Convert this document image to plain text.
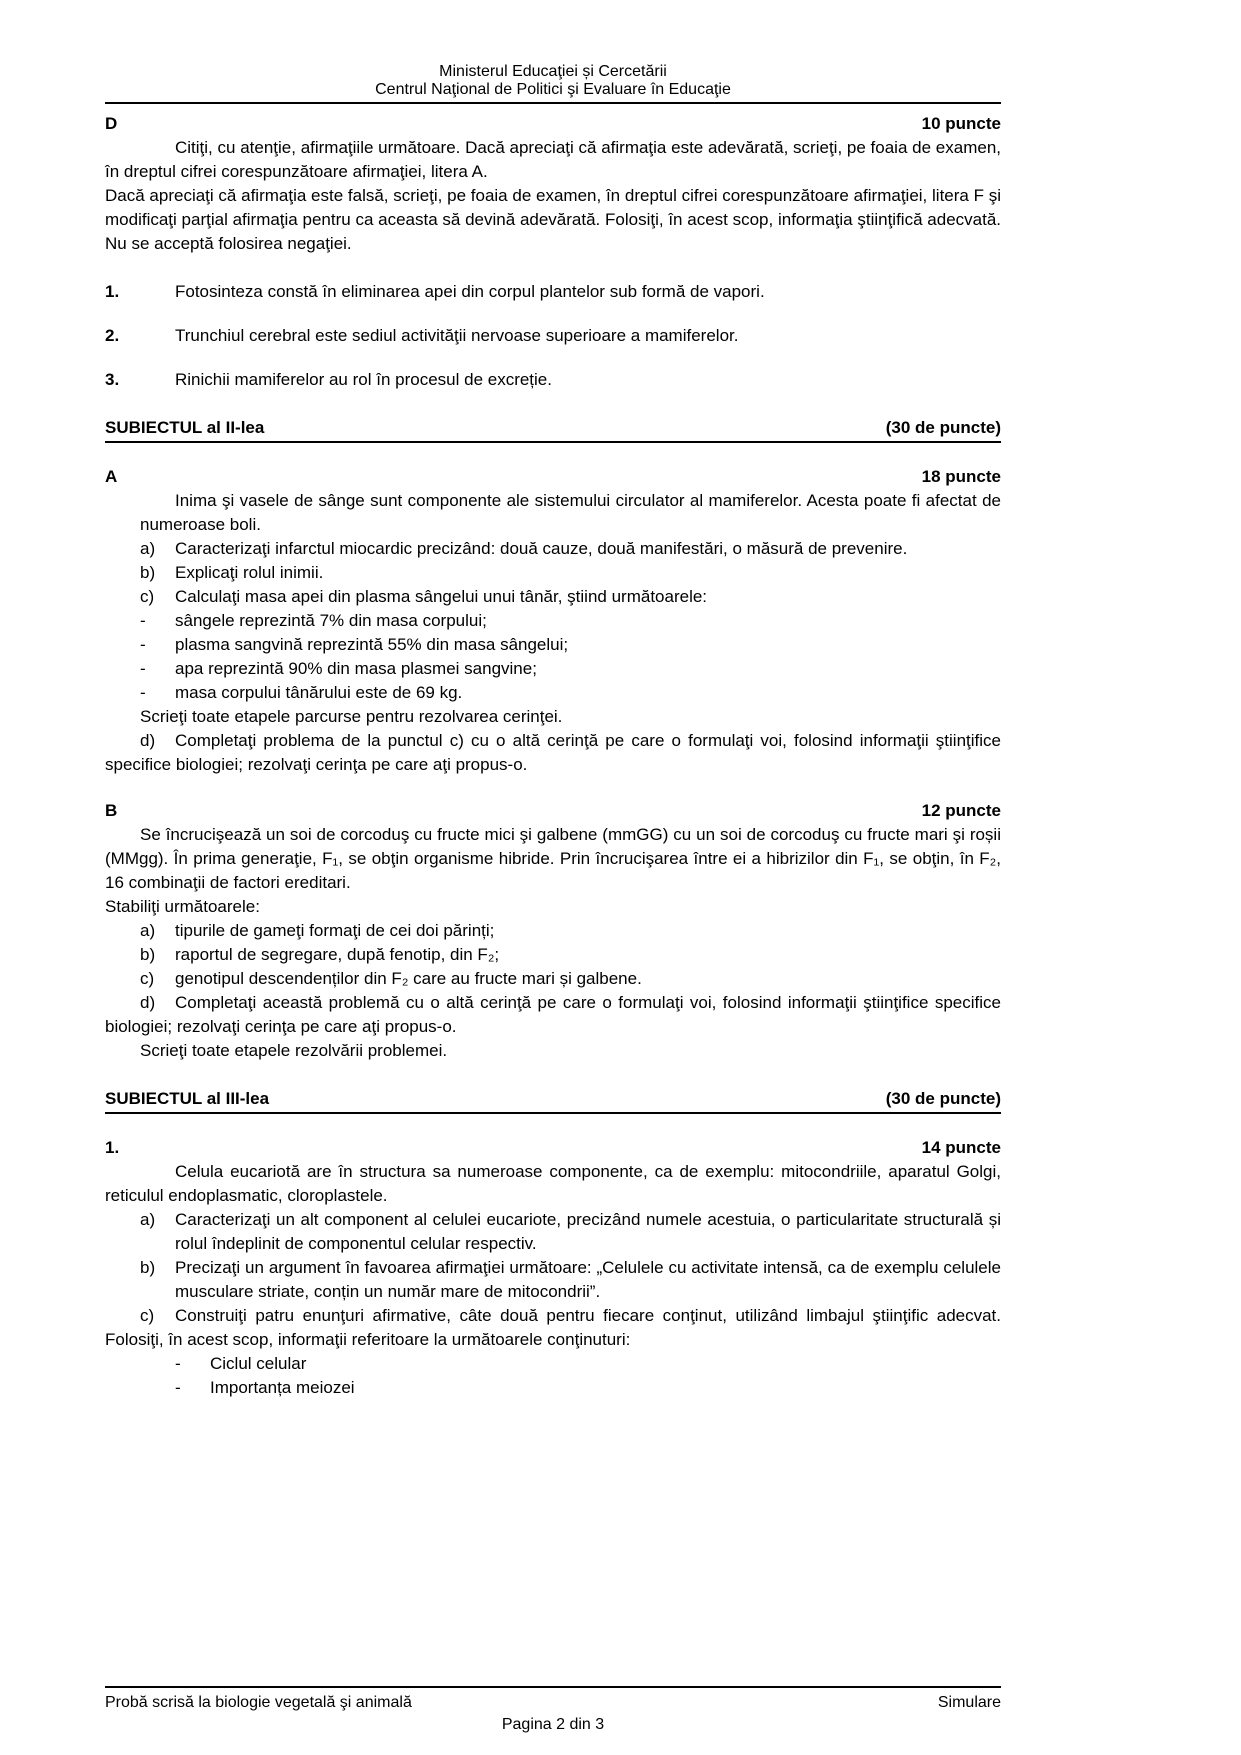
Ministerul Educaţiei și Cercetării
Centrul Naţional de Politici şi Evaluare în Educaţie
D	10 puncte

Citiţi, cu atenţie, afirmaţiile următoare. Dacă apreciaţi că afirmaţia este adevărată, scrieţi, pe foaia de examen, în dreptul cifrei corespunzătoare afirmaţiei, litera A.

Dacă apreciaţi că afirmaţia este falsă, scrieţi, pe foaia de examen, în dreptul cifrei corespunzătoare afirmaţiei, litera F şi modificaţi parţial afirmaţia pentru ca aceasta să devină adevărată. Folosiţi, în acest scop, informaţia ştiinţifică adecvată. Nu se acceptă folosirea negaţiei.

1.	Fotosinteza constă în eliminarea apei din corpul plantelor sub formă de vapori.
2.	Trunchiul cerebral este sediul activităţii nervoase superioare a mamiferelor.
3.	Rinichii mamiferelor au rol în procesul de excreție.
SUBIECTUL al II-lea	(30 de puncte)
A	18 puncte

Inima şi vasele de sânge sunt componente ale sistemului circulator al mamiferelor. Acesta poate fi afectat de numeroase boli.

a) Caracterizaţi infarctul miocardic precizând: două cauze, două manifestări, o măsură de prevenire.
b) Explicaţi rolul inimii.
c) Calculaţi masa apei din plasma sângelui unui tânăr, ştiind următoarele:
- sângele reprezintă 7% din masa corpului;
- plasma sangvină reprezintă 55% din masa sângelui;
- apa reprezintă 90% din masa plasmei sangvine;
- masa corpului tânărului este de 69 kg.
Scrieţi toate etapele parcurse pentru rezolvarea cerinţei.
d) Completaţi problema de la punctul c) cu o altă cerinţă pe care o formulaţi voi, folosind informaţii ştiinţifice specifice biologiei; rezolvaţi cerinţa pe care aţi propus-o.
B	12 puncte

Se încrucişează un soi de corcoduş cu fructe mici şi galbene (mmGG) cu un soi de corcoduş cu fructe mari şi roșii (MMgg). În prima generaţie, F₁, se obţin organisme hibride. Prin încrucişarea între ei a hibrizilor din F₁, se obţin, în F₂, 16 combinaţii de factori ereditari.

Stabiliţi următoarele:
a) tipurile de gameţi formaţi de cei doi părinți;
b) raportul de segregare, după fenotip, din F₂;
c) genotipul descendenților din F₂ care au fructe mari și galbene.
d) Completaţi această problemă cu o altă cerinţă pe care o formulaţi voi, folosind informaţii ştiinţifice specifice biologiei; rezolvaţi cerinţa pe care aţi propus-o.
Scrieţi toate etapele rezolvării problemei.
SUBIECTUL al III-lea	(30 de puncte)
1.	14 puncte

Celula eucariotă are în structura sa numeroase componente, ca de exemplu: mitocondriile, aparatul Golgi, reticulul endoplasmatic, cloroplastele.

a) Caracterizaţi un alt component al celulei eucariote, precizând numele acestuia, o particularitate structurală și rolul îndeplinit de componentul celular respectiv.
b) Precizaţi un argument în favoarea afirmaţiei următoare: „Celulele cu activitate intensă, ca de exemplu celulele musculare striate, conțin un număr mare de mitocondrii”.
c) Construiţi patru enunţuri afirmative, câte două pentru fiecare conţinut, utilizând limbajul ştiinţific adecvat. Folosiţi, în acest scop, informaţii referitoare la următoarele conţinuturi:
- Ciclul celular
- Importanța meiozei
Probă scrisă la biologie vegetală şi animală	Simulare
Pagina 2 din 3
